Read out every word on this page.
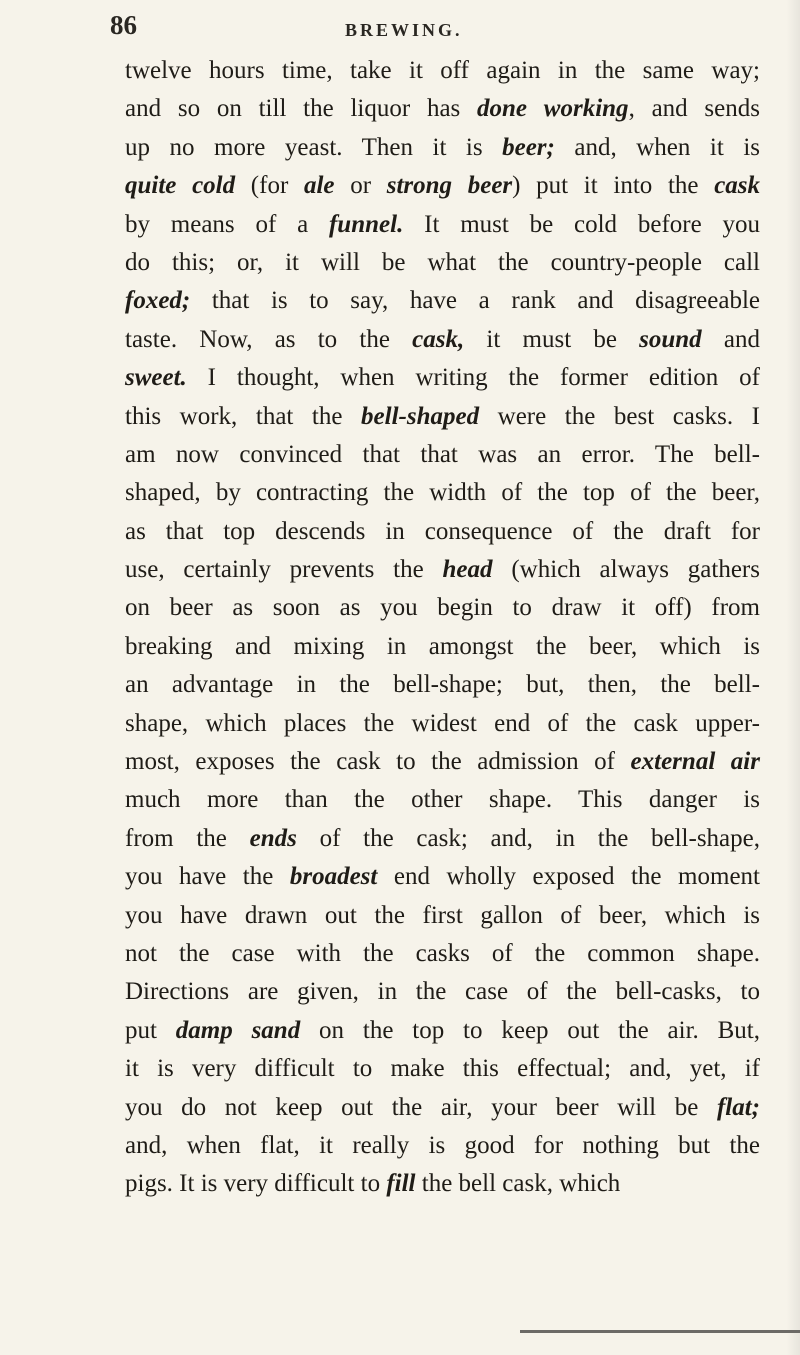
86	BREWING.
twelve hours time, take it off again in the same way;
and so on till the liquor has done working, and sends
up no more yeast. Then it is beer; and, when it is
quite cold (for ale or strong beer) put it into the cask
by means of a funnel. It must be cold before you
do this; or, it will be what the country-people call
foxed; that is to say, have a rank and disagreeable
taste. Now, as to the cask, it must be sound and
sweet. I thought, when writing the former edition of
this work, that the bell-shaped were the best casks. I
am now convinced that that was an error. The bell-
shaped, by contracting the width of the top of the beer,
as that top descends in consequence of the draft for
use, certainly prevents the head (which always gathers
on beer as soon as you begin to draw it off) from
breaking and mixing in amongst the beer, which is
an advantage in the bell-shape; but, then, the bell-
shape, which places the widest end of the cask upper-
most, exposes the cask to the admission of external air
much more than the other shape. This danger is
from the ends of the cask; and, in the bell-shape,
you have the broadest end wholly exposed the moment
you have drawn out the first gallon of beer, which is
not the case with the casks of the common shape.
Directions are given, in the case of the bell-casks, to
put damp sand on the top to keep out the air. But,
it is very difficult to make this effectual; and, yet, if
you do not keep out the air, your beer will be flat;
and, when flat, it really is good for nothing but the
pigs. It is very difficult to fill the bell cask, which
